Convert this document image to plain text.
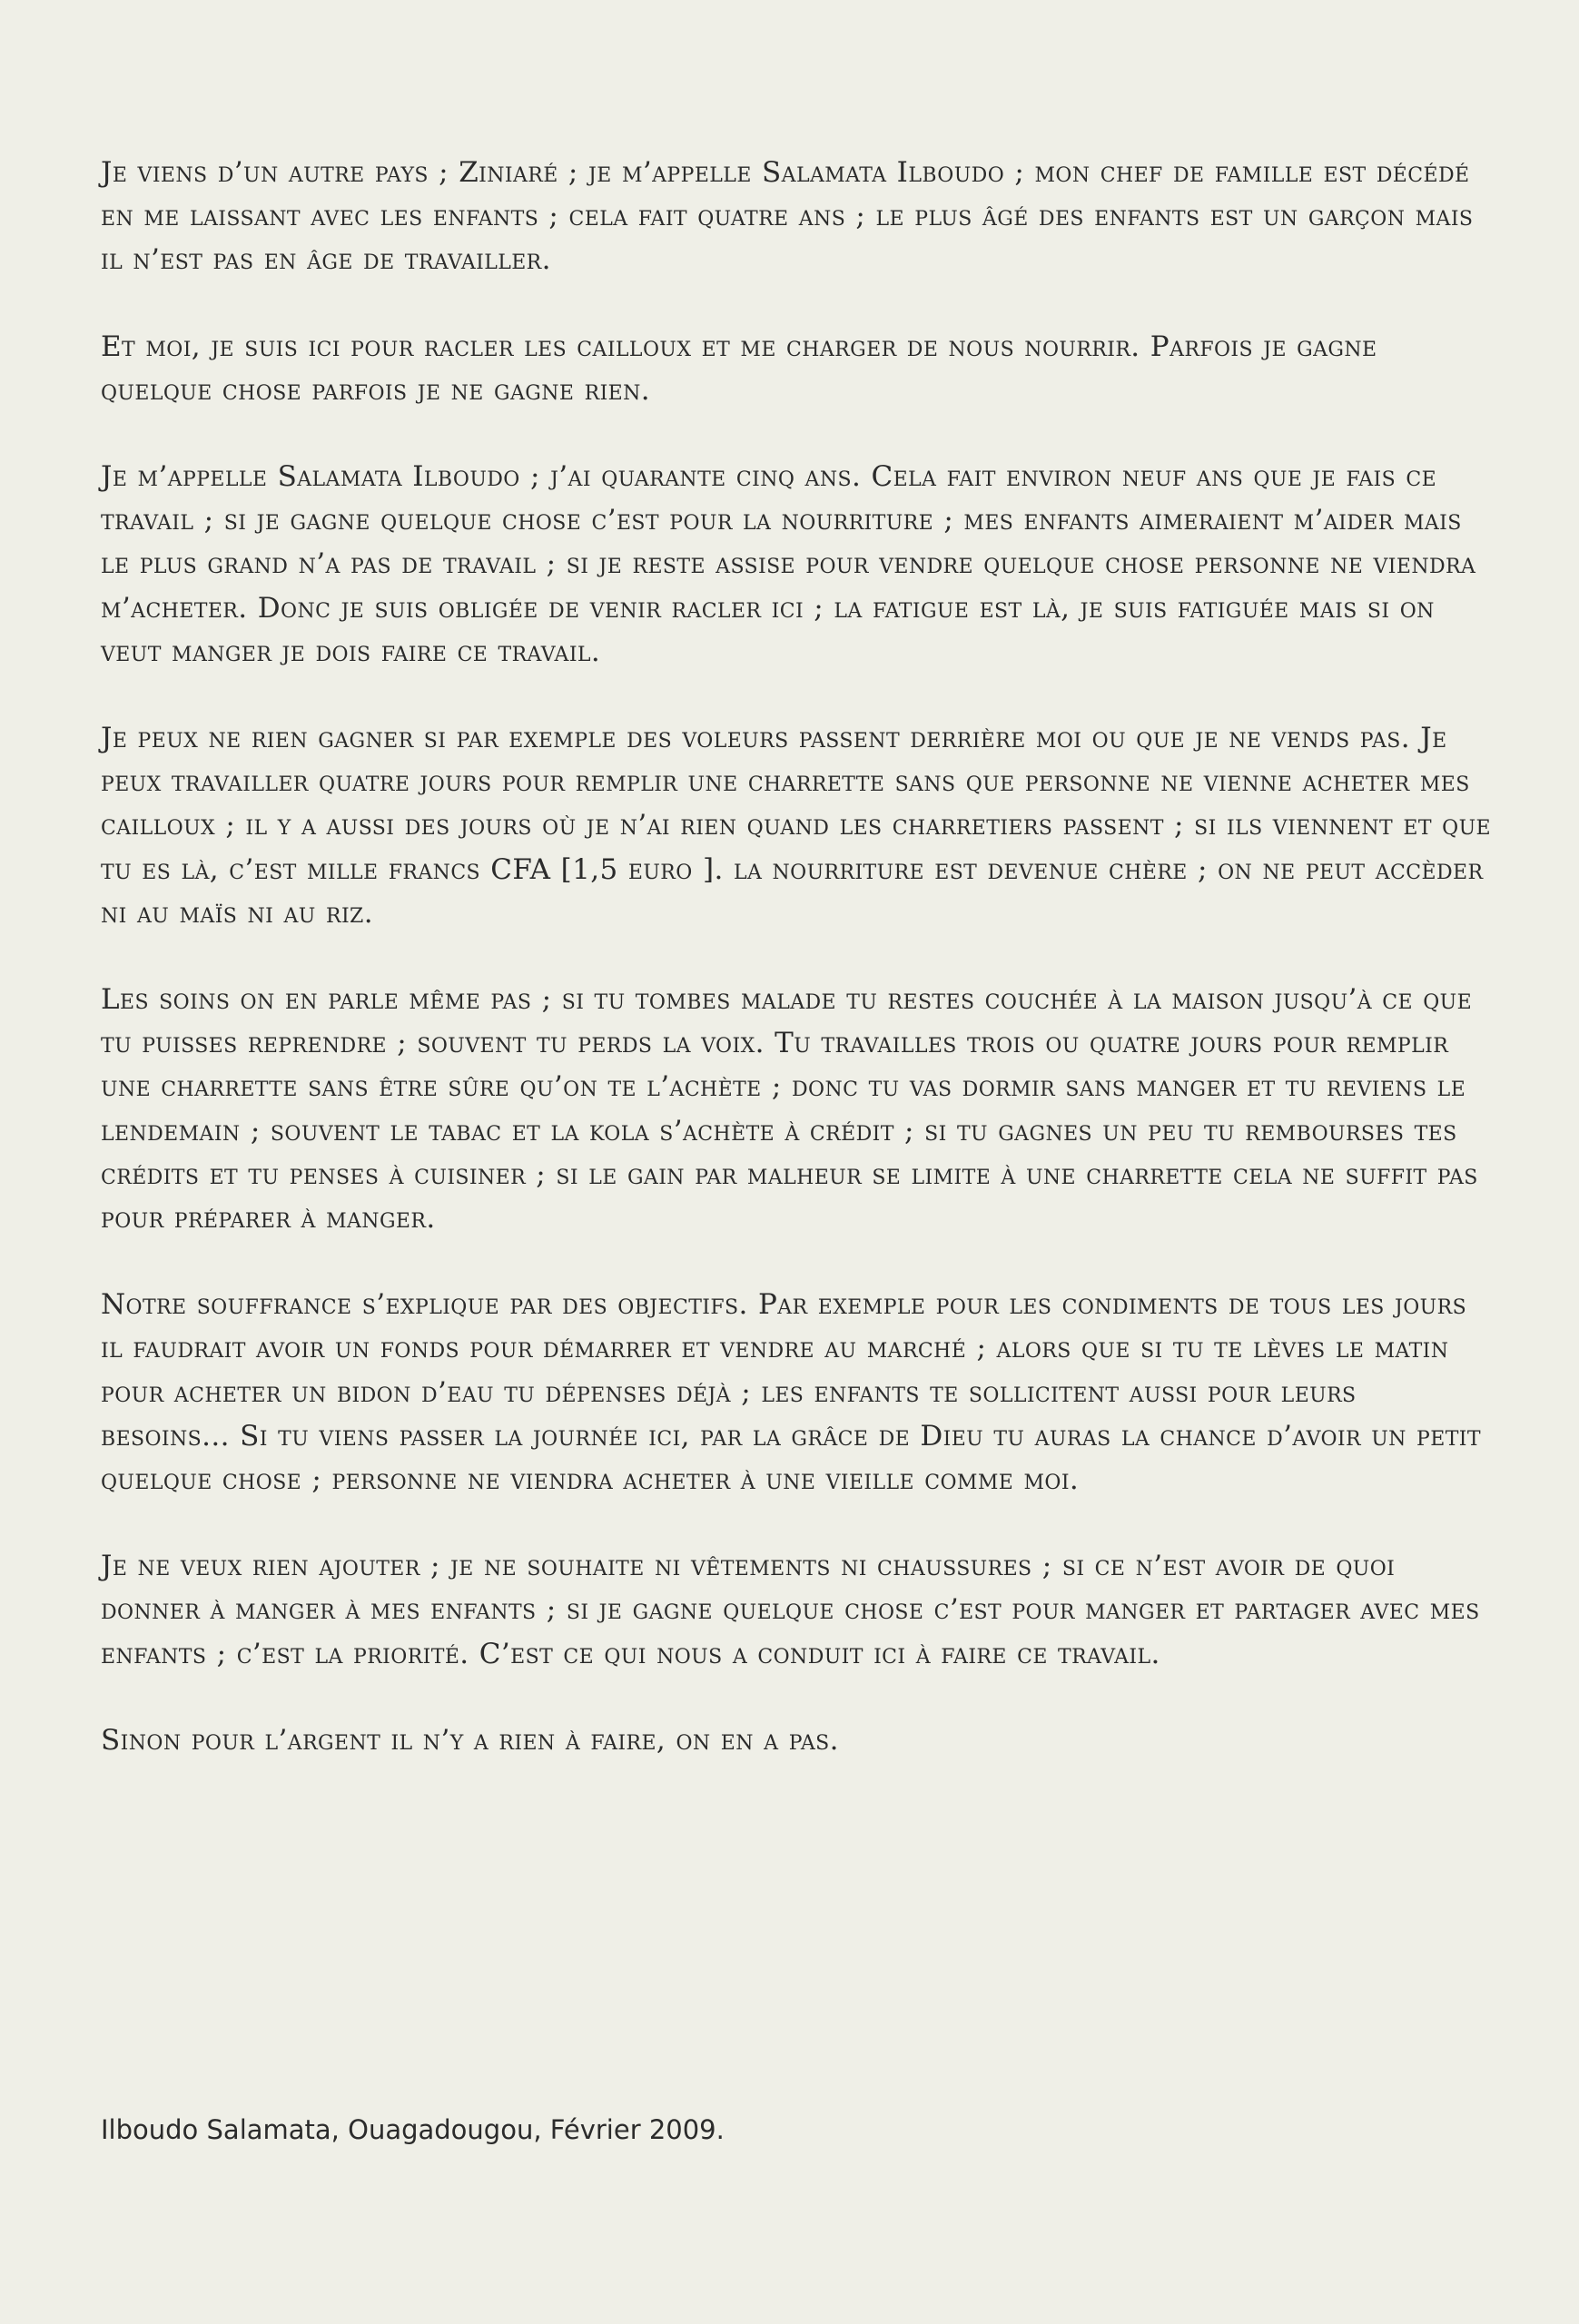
Je viens d’un autre pays ; Ziniaré ; je m’appelle Salamata Ilboudo ; mon chef de famille est décédé en me laissant avec les enfants ; cela fait quatre ans ; le plus âgé des enfants est un garçon mais il n’est pas en âge de travailler.

Et moi, je suis ici pour racler les cailloux et me charger de nous nourrir. Parfois je gagne quelque chose parfois je ne gagne rien.

Je m’appelle Salamata Ilboudo ; j’ai quarante cinq ans. Cela fait environ neuf ans que je fais ce travail ; si je gagne quelque chose c’est pour la nourriture ; mes enfants aimeraient m’aider mais le plus grand n’a pas de travail ; si je reste assise pour vendre quelque chose personne ne viendra m’acheter. Donc je suis obligée de venir racler ici ; la fatigue est là, je suis fatiguée mais si on veut manger je dois faire ce travail.

Je peux ne rien gagner si par exemple des voleurs passent derrière moi ou que je ne vends pas. Je peux travailler quatre jours pour remplir une charrette sans que personne ne vienne acheter mes cailloux ; il y a aussi des jours où je n’ai rien quand les charretiers passent ; si ils viennent et que tu es là, c’est mille francs CFA [1,5 euro ]. la nourriture est devenue chère ; on ne peut accèder ni au maïs ni au riz.

Les soins on en parle même pas ; si tu tombes malade tu restes couchée à la maison jusqu’à ce que tu puisses reprendre ; souvent tu perds la voix. Tu travailles trois ou quatre jours pour remplir une charrette sans être sûre qu’on te l’achète ; donc tu vas dormir sans manger et tu reviens le lendemain ; souvent le tabac et la kola s’achète à crédit ; si tu gagnes un peu tu rembourses tes crédits et tu penses à cuisiner ; si le gain par malheur se limite à une charrette cela ne suffit pas pour préparer à manger.

Notre souffrance s’explique par des objectifs. Par exemple pour les condiments de tous les jours il faudrait avoir un fonds pour démarrer et vendre au marché ; alors que si tu te lèves le matin pour acheter un bidon d’eau tu dépenses déjà ; les enfants te sollicitent aussi pour leurs besoins... Si tu viens passer la journée ici, par la grâce de Dieu tu auras la chance d’avoir un petit quelque chose ; personne ne viendra acheter à une vieille comme moi.

Je ne veux rien ajouter ; je ne souhaite ni vêtements ni chaussures ; si ce n’est avoir de quoi donner à manger à mes enfants ; si je gagne quelque chose c’est pour manger et partager avec mes enfants ; c’est la priorité. C’est ce qui nous a conduit ici à faire ce travail.

Sinon pour l’argent il n’y a rien à faire, on en a pas.

Ilboudo Salamata, Ouagadougou, Février 2009.
